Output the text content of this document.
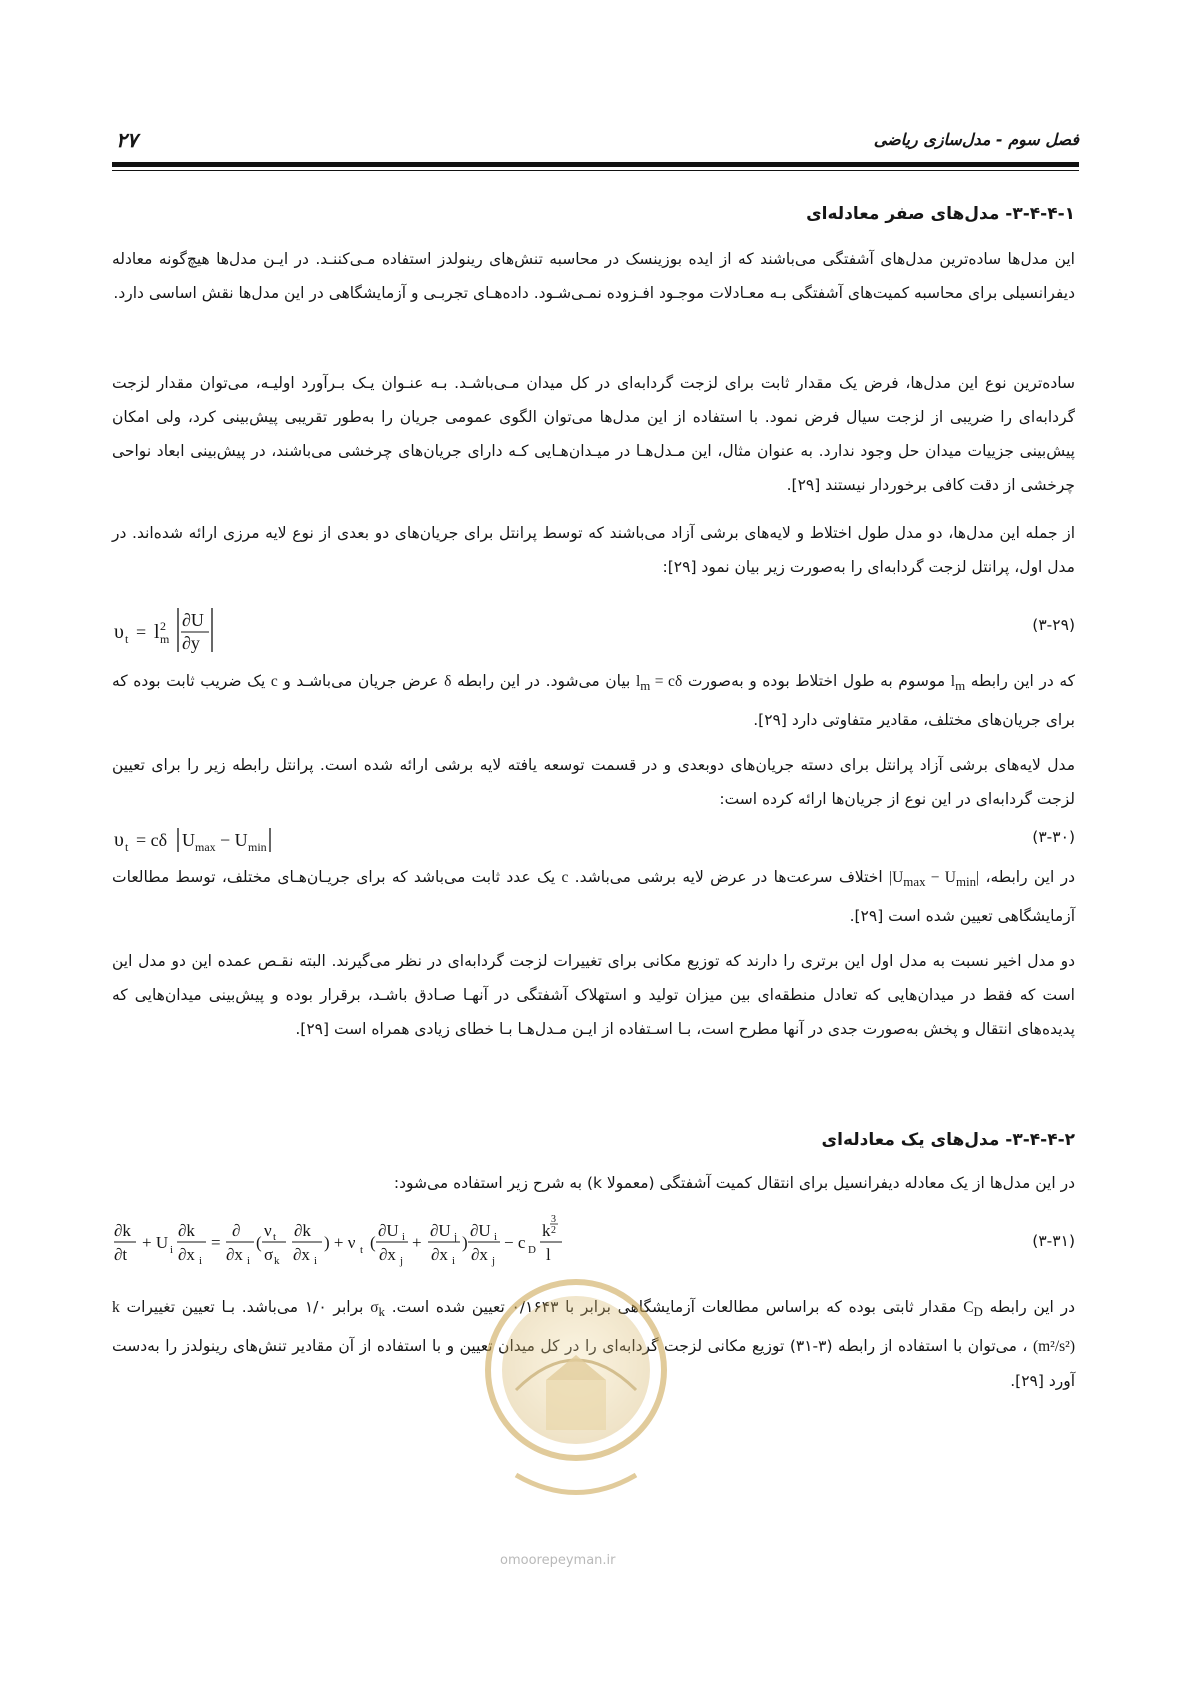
۲۷	فصل سوم - مدل‌سازی ریاضی
۳-۴-۴-۱- مدل‌های صفر معادله‌ای
این مدل‌ها ساده‌ترین مدل‌های آشفتگی می‌باشند که از ایده بوزینسک در محاسبه تنش‌های رینولدز استفاده مـی‌کننـد. در ایـن مدل‌ها هیچ‌گونه معادله دیفرانسیلی برای محاسبه کمیت‌های آشفتگی بـه معـادلات موجـود افـزوده نمـی‌شـود. داده‌هـای تجربـی و آزمایشگاهی در این مدل‌ها نقش اساسی دارد.
ساده‌ترین نوع این مدل‌ها، فرض یک مقدار ثابت برای لزجت گردابه‌ای در کل میدان مـی‌باشـد. بـه عنـوان یـک بـرآورد اولیـه، می‌توان مقدار لزجت گردابه‌ای را ضریبی از لزجت سیال فرض نمود. با استفاده از این مدل‌ها می‌توان الگوی عمومی جریان را به‌طور تقریبی پیش‌بینی کرد، ولی امکان پیش‌بینی جزییات میدان حل وجود ندارد. به عنوان مثال، این مـدل‌هـا در میـدان‌هـایی کـه دارای جریان‌های چرخشی می‌باشند، در پیش‌بینی ابعاد نواحی چرخشی از دقت کافی برخوردار نیستند [۲۹].
از جمله این مدل‌ها، دو مدل طول اختلاط و لایه‌های برشی آزاد می‌باشند که توسط پرانتل برای جریان‌های دو بعدی از نوع لایه مرزی ارائه شده‌اند. در مدل اول، پرانتل لزجت گردابه‌ای را به‌صورت زیر بیان نمود [۲۹]:
υ t = l 2
m
∂U
∂y
(۳-۲۹)
که در این رابطه $l_m$ موسوم به طول اختلاط بوده و به‌صورت $l_m = c\delta$ بیان می‌شود. در این رابطه δ عرض جریان می‌باشـد و c یک ضریب ثابت بوده که برای جریان‌های مختلف، مقادیر متفاوتی دارد [۲۹].
مدل لایه‌های برشی آزاد پرانتل برای دسته جریان‌های دوبعدی و در قسمت توسعه یافته لایه برشی ارائه شده است. پرانتل رابطه زیر را برای تعیین لزجت گردابه‌ای در این نوع از جریان‌ها ارائه کرده است:
υ t = cδ U max − U min
(۳-۳۰)
در این رابطه، $|U_{max} - U_{min}|$ اختلاف سرعت‌ها در عرض لایه برشی می‌باشد. c یک عدد ثابت می‌باشد که برای جریـان‌هـای مختلف، توسط مطالعات آزمایشگاهی تعیین شده است [۲۹].
دو مدل اخیر نسبت به مدل اول این برتری را دارند که توزیع مکانی برای تغییرات لزجت گردابه‌ای در نظر می‌گیرند. البته نقـص عمده این دو مدل این است که فقط در میدان‌هایی که تعادل منطقه‌ای بین میزان تولید و استهلاک آشفتگی در آنهـا صـادق باشـد، برقرار بوده و پیش‌بینی میدان‌هایی که پدیده‌های انتقال و پخش به‌صورت جدی در آنها مطرح است، بـا اسـتفاده از ایـن مـدل‌هـا بـا خطای زیادی همراه است [۲۹].
۳-۴-۴-۲- مدل‌های یک معادله‌ای
در این مدل‌ها از یک معادله دیفرانسیل برای انتقال کمیت آشفتگی (معمولا k) به شرح زیر استفاده می‌شود:
∂k
∂t
+ U i
∂k
∂x i
=
∂
∂x i
(
ν t
σ k
∂k
∂x i
) + ν t (
∂U i
∂x j
+
∂U j
∂x i
)
∂U i
∂x j
− c D
k
3
2
l
(۳-۳۱)
در این رابطه $C_D$ مقدار ثابتی بوده که براساس مطالعات آزمایشگاهی برابر با ۰/۱۶۴۳ تعیین شده است. $\sigma_k$ برابر ۱/۰ می‌باشد. بـا تعیین تغییرات k (m²/s²) ، می‌توان با استفاده از رابطه (۳-۳۱) توزیع مکانی لزجت گردابه‌ای را در کل میدان تعیین و با استفاده از آن مقادیر تنش‌های رینولدز را به‌دست آورد [۲۹].
omoorepeyman.ir
